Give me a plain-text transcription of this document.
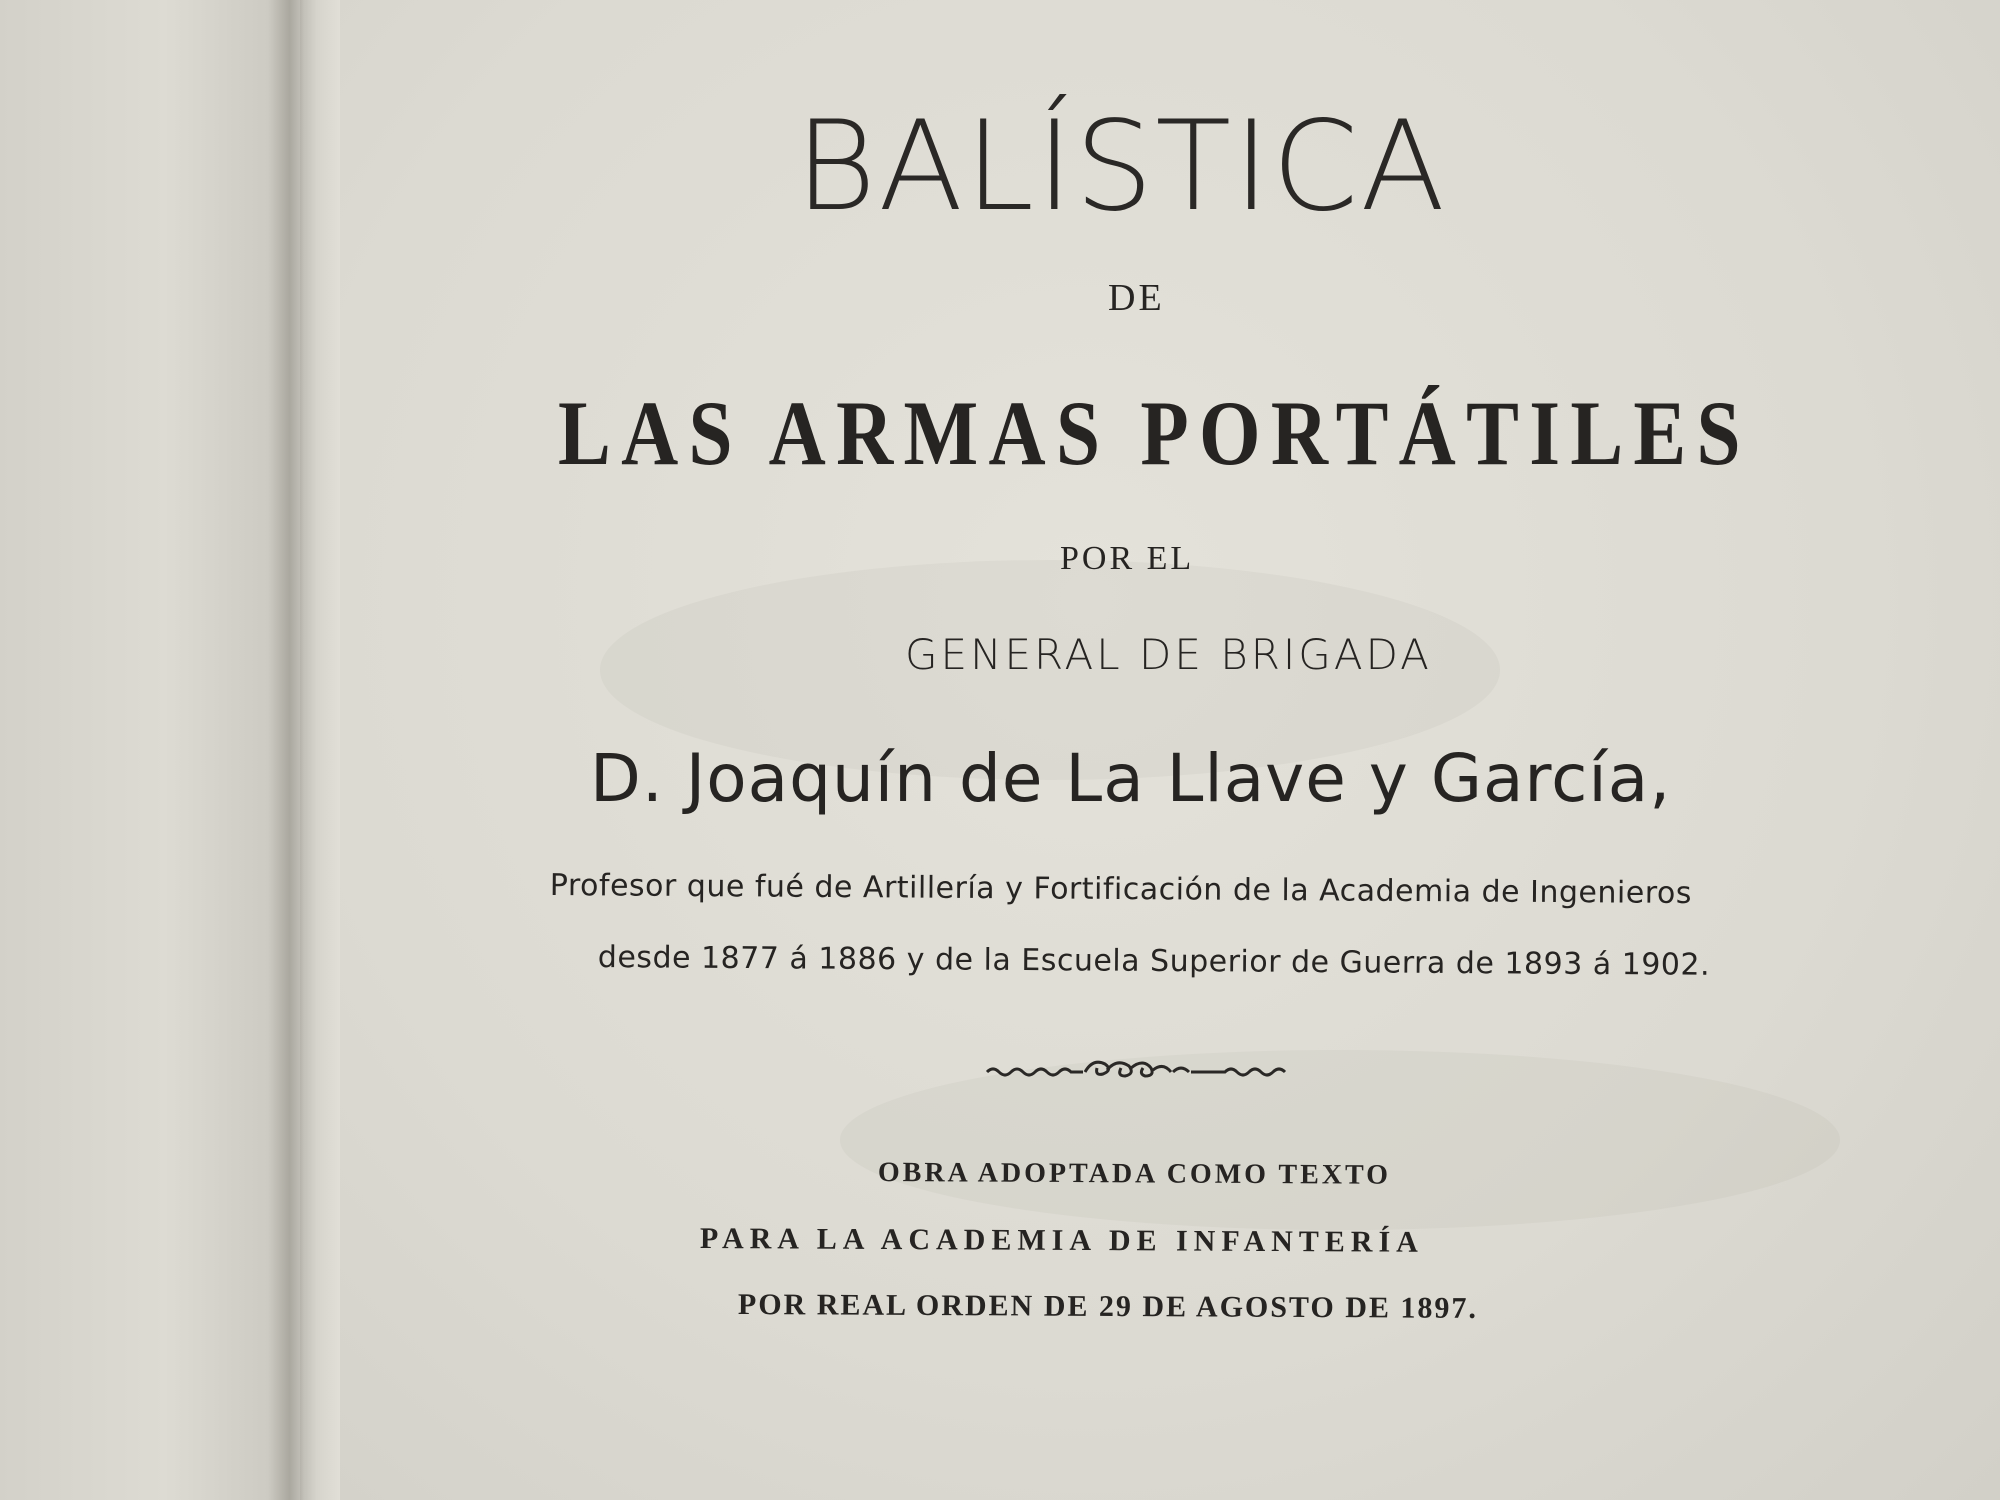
BALÍSTICA
DE
LAS ARMAS PORTÁTILES
POR EL
GENERAL DE BRIGADA
D. Joaquín de La Llave y García,
Profesor que fué de Artillería y Fortificación de la Academia de Ingenieros
desde 1877 á 1886 y de la Escuela Superior de Guerra de 1893 á 1902.
OBRA ADOPTADA COMO TEXTO
PARA LA ACADEMIA DE INFANTERÍA
POR REAL ORDEN DE 29 DE AGOSTO DE 1897.
